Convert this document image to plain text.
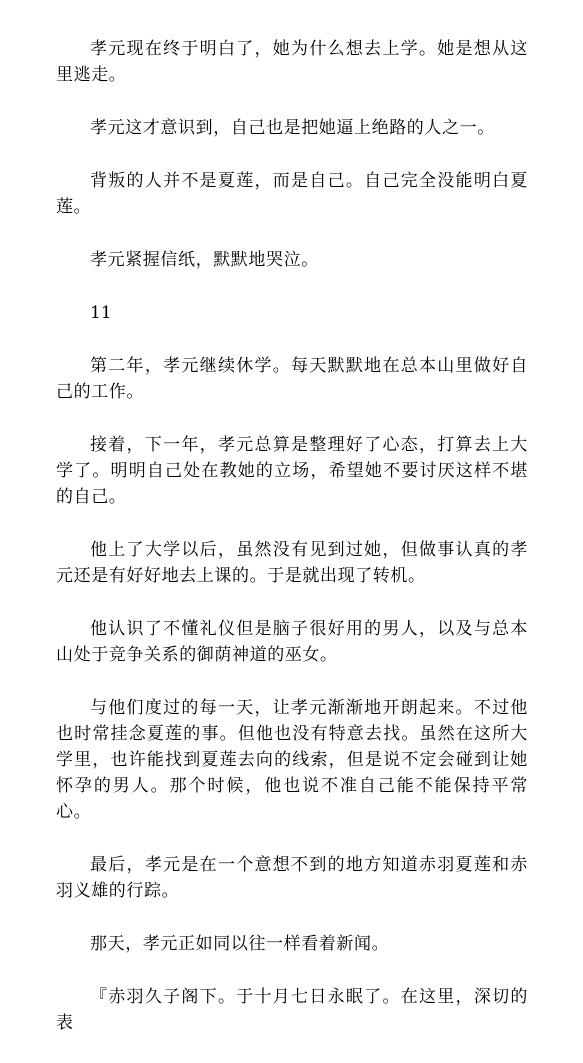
孝元现在终于明白了，她为什么想去上学。她是想从这里逃走。

孝元这才意识到，自己也是把她逼上绝路的人之一。

背叛的人并不是夏莲，而是自己。自己完全没能明白夏莲。

孝元紧握信纸，默默地哭泣。

11

第二年，孝元继续休学。每天默默地在总本山里做好自己的工作。

接着，下一年，孝元总算是整理好了心态，打算去上大学了。明明自己处在教她的立场，希望她不要讨厌这样不堪的自己。

他上了大学以后，虽然没有见到过她，但做事认真的孝元还是有好好地去上课的。于是就出现了转机。

他认识了不懂礼仪但是脑子很好用的男人，以及与总本山处于竞争关系的御荫神道的巫女。

与他们度过的每一天，让孝元渐渐地开朗起来。不过他也时常挂念夏莲的事。但他也没有特意去找。虽然在这所大学里，也许能找到夏莲去向的线索，但是说不定会碰到让她怀孕的男人。那个时候，他也说不准自己能不能保持平常心。

最后，孝元是在一个意想不到的地方知道赤羽夏莲和赤羽义雄的行踪。

那天，孝元正如同以往一样看着新闻。

『赤羽久子阁下。于十月七日永眠了。在这里，深切的表
